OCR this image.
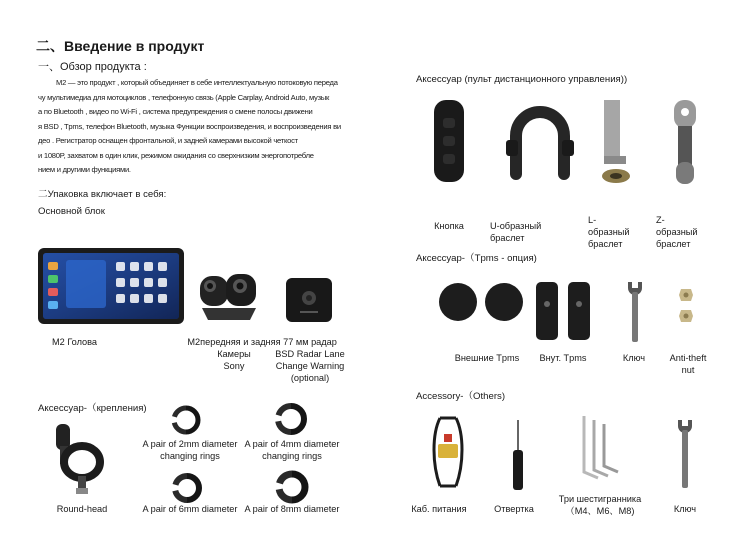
二、Введение в продукт
一、Обзор продукта :
M2 — это продукт , который объединяет в себе интеллектуальную потоковую переда
чу мультимедиа для мотоциклов , телефонную связь (Apple Carplay, Android Auto, музык
а по Bluetooth , видео по Wi-Fi , система предупреждения о смене полосы движени
я BSD , Tpms, телефон Bluetooth, музыка Функции воспроизведения, и воспроизведения ви
део . Регистратор оснащен фронтальной, и задней камерами высокой четкост
и 1080P, захватом в один клик, режимом ожидания со сверхнизким энергопотребле
нием и другими функциями.
二Упаковка включает в себя:
Основной блок
M2 Голова	M2передняя и задняя
Камеры
Sony
77 мм радар
BSD Radar Lane
Change Warning
(optional)
Аксессуар-（крепления)
Round-head
A pair of 2mm diameter
changing rings
A pair of 4mm diameter
changing rings
A pair of 6mm diameter A pair of 8mm diameter
Аксессуар (пульт дистанционного управления))
Кнопка	U-образный
браслет
L-
образный
браслет
Z-
образный
браслет
Аксессуар-（Tpms - опция)
Внешние Tpms	Внут. Tpms	Ключ	Anti-theft
nut
Accessory-（Others)
Каб. питания	Отвертка
Три шестигранника
（M4、M6、M8)	Ключ
